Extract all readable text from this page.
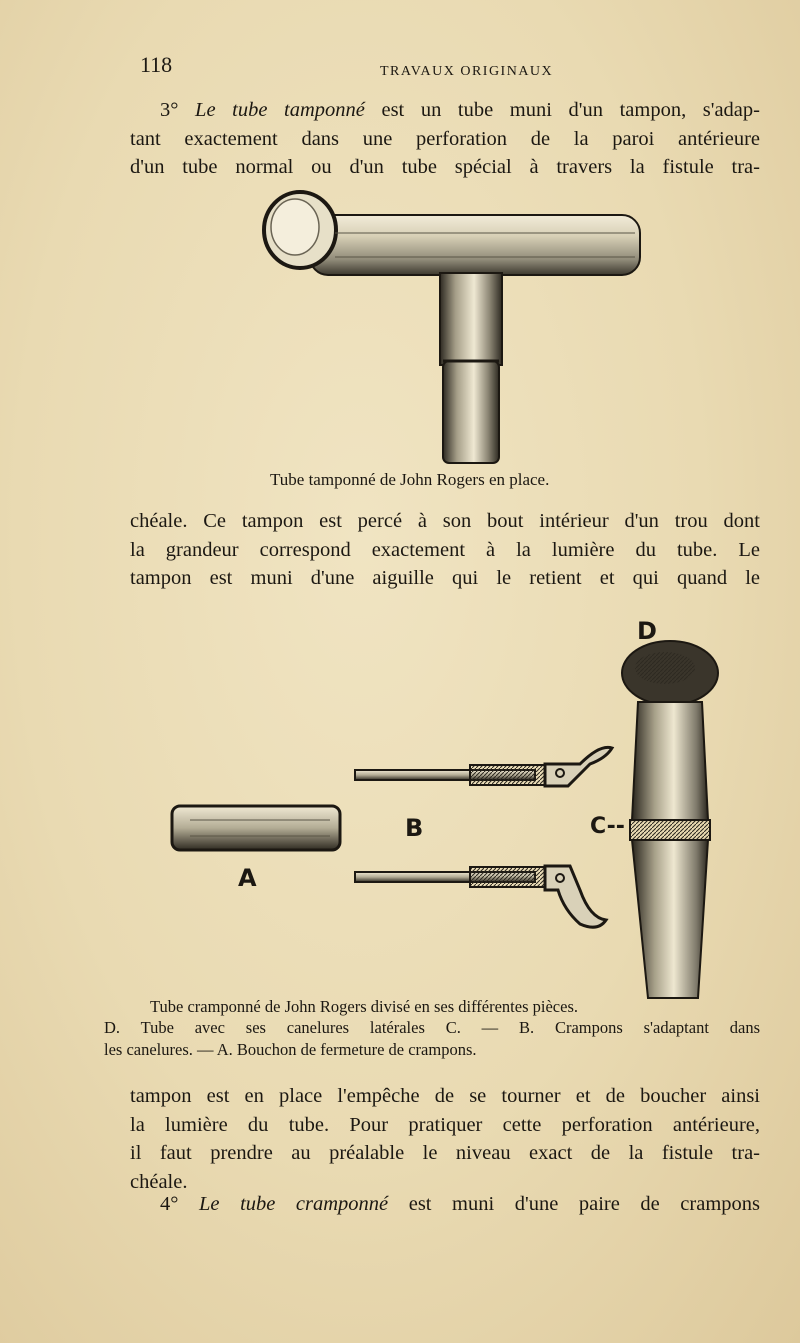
118	TRAVAUX ORIGINAUX
3° Le tube tamponné est un tube muni d'un tampon, s'adap-
tant exactement dans une perforation de la paroi antérieure
d'un tube normal ou d'un tube spécial à travers la fistule tra-
Tube tamponné de John Rogers en place.
chéale. Ce tampon est percé à son bout intérieur d'un trou dont
la grandeur correspond exactement à la lumière du tube. Le
tampon est muni d'une aiguille qui le retient et qui quand le
D
B	C--
A
Tube cramponné de John Rogers divisé en ses différentes pièces.
D. Tube avec ses canelures latérales C. — B. Crampons s'adaptant dans
les canelures. — A. Bouchon de fermeture de crampons.
tampon est en place l'empêche de se tourner et de boucher ainsi
la lumière du tube. Pour pratiquer cette perforation antérieure,
il faut prendre au préalable le niveau exact de la fistule tra-
chéale.
4° Le tube cramponné est muni d'une paire de crampons
